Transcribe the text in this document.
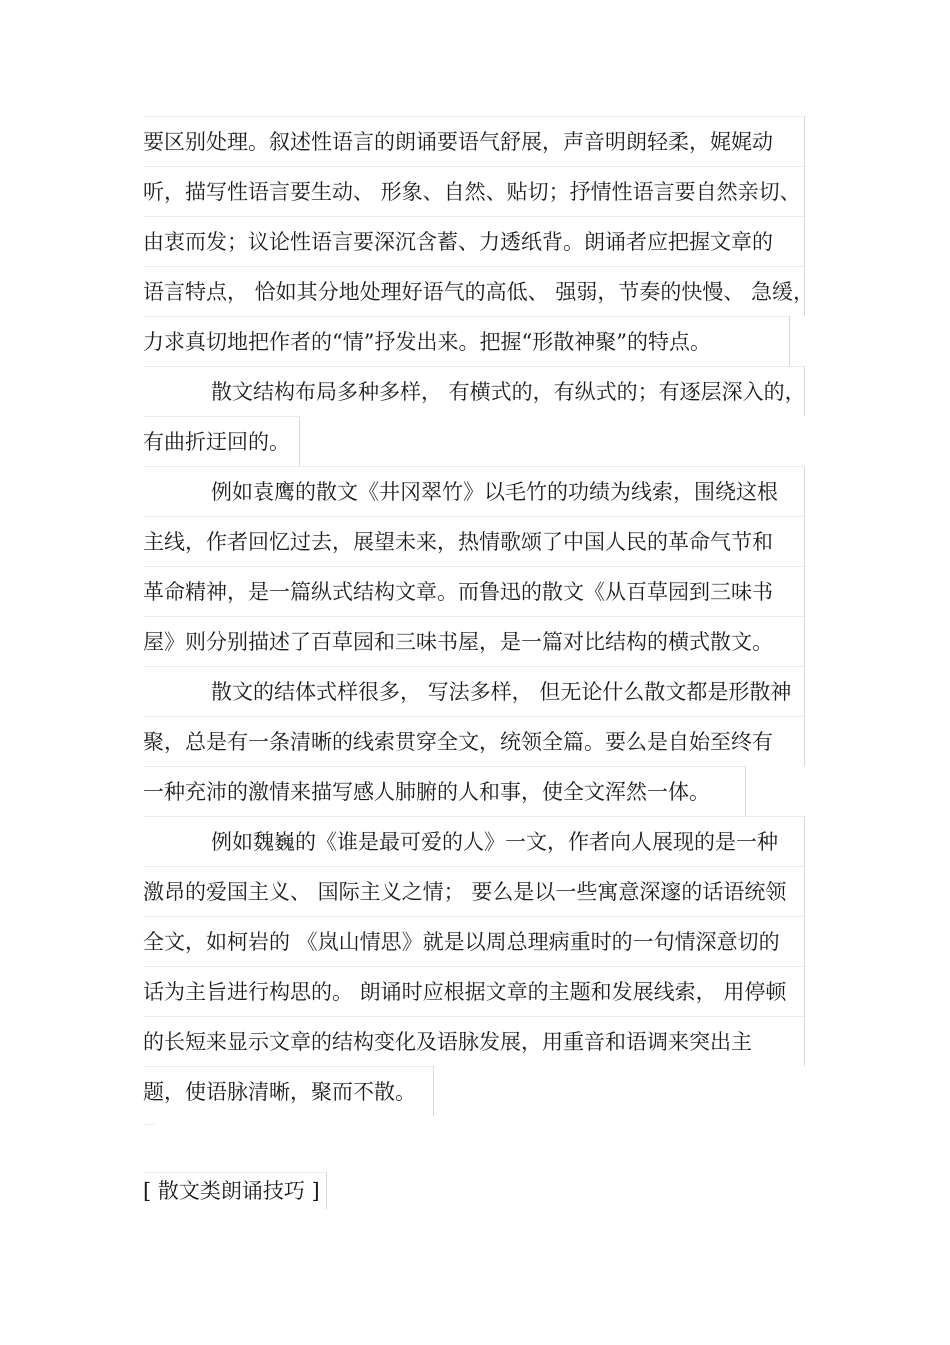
要区别处理。叙述性语言的朗诵要语气舒展，声音明朗轻柔，娓娓动
听，描写性语言要生动、 形象、自然、贴切；抒情性语言要自然亲切、
由衷而发；议论性语言要深沉含蓄、力透纸背。朗诵者应把握文章的
语言特点， 恰如其分地处理好语气的高低、 强弱，节奏的快慢、 急缓，
力求真切地把作者的“情”抒发出来。把握“形散神聚”的特点。
散文结构布局多种多样， 有横式的，有纵式的；有逐层深入的，
有曲折迂回的。
例如袁鹰的散文《井冈翠竹》以毛竹的功绩为线索，围绕这根
主线，作者回忆过去，展望未来，热情歌颂了中国人民的革命气节和
革命精神，是一篇纵式结构文章。而鲁迅的散文《从百草园到三味书
屋》则分别描述了百草园和三味书屋，是一篇对比结构的横式散文。
散文的结体式样很多， 写法多样， 但无论什么散文都是形散神
聚，总是有一条清晰的线索贯穿全文，统领全篇。要么是自始至终有
一种充沛的激情来描写感人肺腑的人和事，使全文浑然一体。
例如魏巍的《谁是最可爱的人》一文，作者向人展现的是一种
激昂的爱国主义、 国际主义之情； 要么是以一些寓意深邃的话语统领
全文，如柯岩的 《岚山情思》就是以周总理病重时的一句情深意切的
话为主旨进行构思的。 朗诵时应根据文章的主题和发展线索， 用停顿
的长短来显示文章的结构变化及语脉发展，用重音和语调来突出主
题，使语脉清晰，聚而不散。
[ 散文类朗诵技巧 ]
